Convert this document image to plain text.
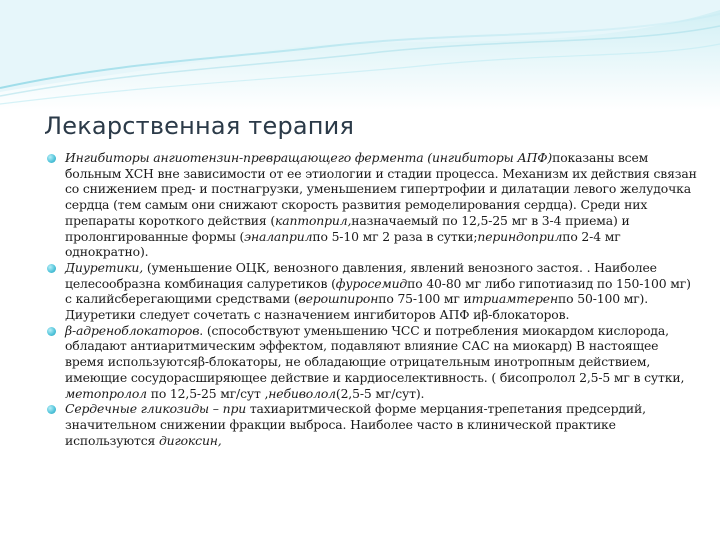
Лекарственная терапия

Ингибиторы ангиотензин-превращающего фермента (ингибиторы АПФ)показаны всем больным ХСН вне зависимости от ее этиологии и стадии процесса. Механизм их действия связан со снижением пред- и постнагрузки, уменьшением гипертрофии и дилатации левого желудочка сердца (тем самым они снижают скорость развития ремоделирования сердца). Среди них препараты короткого действия (каптоприл,назначаемый по 12,5-25 мг в 3-4 приема) и пролонгированные формы (эналаприлпо 5-10 мг 2 раза в сутки;периндоприлпо 2-4 мг однократно).

Диуретики, (уменьшение ОЦК, венозного давления, явлений венозного застоя. . Наиболее целесообразна комбинация салуретиков (фуросемидпо 40-80 мг либо гипотиазид по 150-100 мг) с калийсберегающими средствами (верошпиронпо 75-100 мг итриамтеренпо 50-100 мг). Диуретики следует сочетать с назначением ингибиторов АПФ иβ-блокаторов.

β-адреноблокаторов. (способствуют уменьшению ЧСС и потребления миокардом кислорода, обладают антиаритмическим эффектом, подавляют влияние САС на миокард) В настоящее время используютсяβ-блокаторы, не обладающие отрицательным инотропным действием, имеющие сосудорасширяющее действие и кардиоселективность. ( бисопролол 2,5-5 мг в сутки, метопролол по 12,5-25 мг/сут ,небиволол(2,5-5 мг/сут).

Сердечные гликозиды – при тахиаритмической форме мерцания-трепетания предсердий, значительном снижении фракции выброса. Наиболее часто в клинической практике используются дигоксин,
